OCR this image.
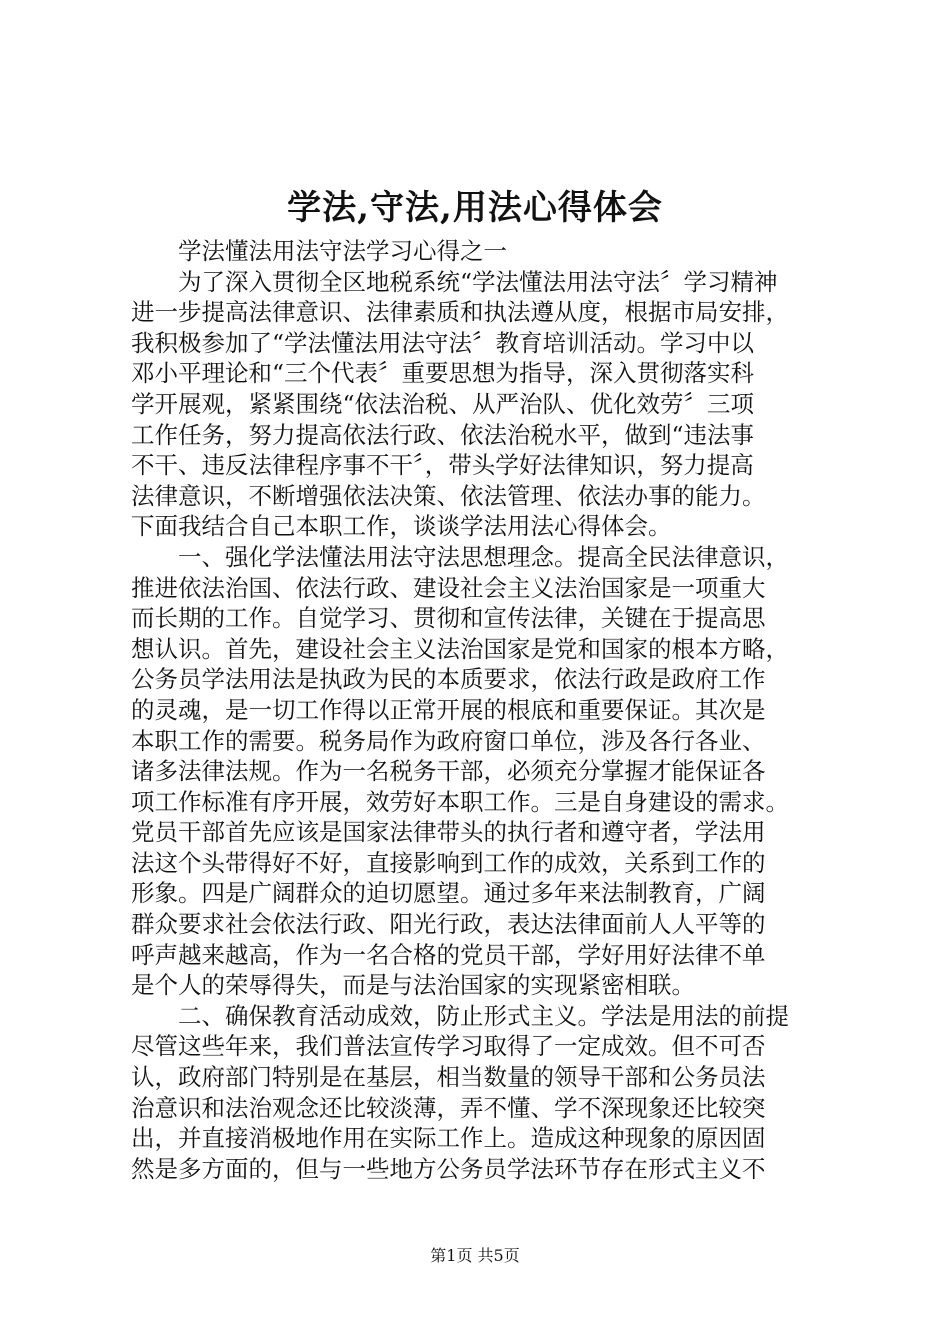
学法,守法,用法心得体会
学法懂法用法守法学习心得之一
为了深入贯彻全区地税系统“学法懂法用法守法〞学习精神
进一步提高法律意识、法律素质和执法遵从度，根据市局安排，
我积极参加了“学法懂法用法守法〞教育培训活动。学习中以
邓小平理论和“三个代表〞重要思想为指导，深入贯彻落实科
学开展观，紧紧围绕“依法治税、从严治队、优化效劳〞三项
工作任务，努力提高依法行政、依法治税水平，做到“违法事
不干、违反法律程序事不干〞，带头学好法律知识，努力提高
法律意识，不断增强依法决策、依法管理、依法办事的能力。
下面我结合自己本职工作，谈谈学法用法心得体会。
一、强化学法懂法用法守法思想理念。提高全民法律意识，
推进依法治国、依法行政、建设社会主义法治国家是一项重大
而长期的工作。自觉学习、贯彻和宣传法律，关键在于提高思
想认识。首先，建设社会主义法治国家是党和国家的根本方略，
公务员学法用法是执政为民的本质要求，依法行政是政府工作
的灵魂，是一切工作得以正常开展的根底和重要保证。其次是
本职工作的需要。税务局作为政府窗口单位，涉及各行各业、
诸多法律法规。作为一名税务干部，必须充分掌握才能保证各
项工作标准有序开展，效劳好本职工作。三是自身建设的需求。
党员干部首先应该是国家法律带头的执行者和遵守者，学法用
法这个头带得好不好，直接影响到工作的成效，关系到工作的
形象。四是广阔群众的迫切愿望。通过多年来法制教育，广阔
群众要求社会依法行政、阳光行政，表达法律面前人人平等的
呼声越来越高，作为一名合格的党员干部，学好用好法律不单
是个人的荣辱得失，而是与法治国家的实现紧密相联。
二、确保教育活动成效，防止形式主义。学法是用法的前提
尽管这些年来，我们普法宣传学习取得了一定成效。但不可否
认，政府部门特别是在基层，相当数量的领导干部和公务员法
治意识和法治观念还比较淡薄，弄不懂、学不深现象还比较突
出，并直接消极地作用在实际工作上。造成这种现象的原因固
然是多方面的，但与一些地方公务员学法环节存在形式主义不
第1页 共5页
